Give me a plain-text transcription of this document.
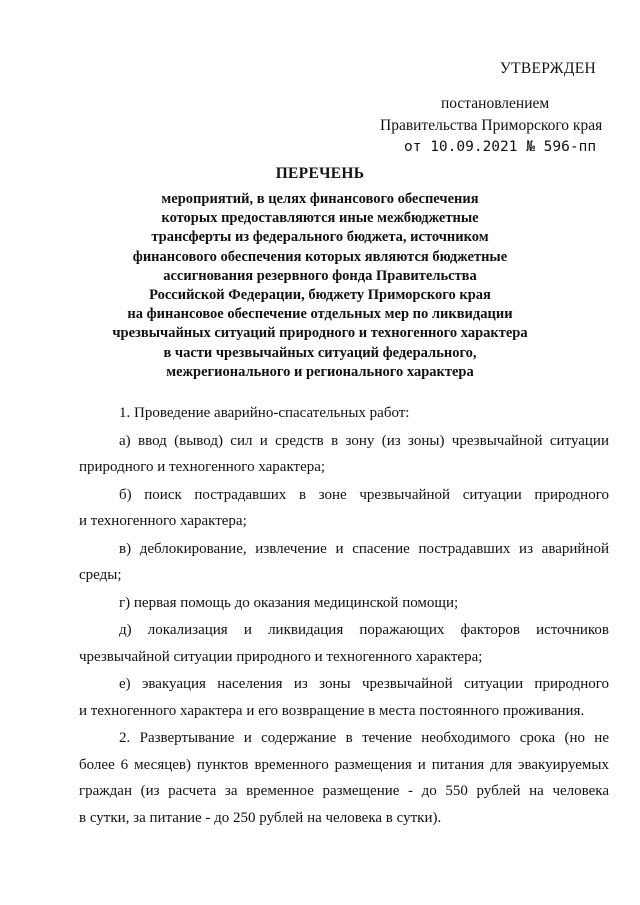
УТВЕРЖДЕН
постановлением
Правительства Приморского края
от 10.09.2021 № 596-пп
ПЕРЕЧЕНЬ
мероприятий, в целях финансового обеспечения
которых предоставляются иные межбюджетные
трансферты из федерального бюджета, источником
финансового обеспечения которых являются бюджетные
ассигнования резервного фонда Правительства
Российской Федерации, бюджету Приморского края
на финансовое обеспечение отдельных мер по ликвидации
чрезвычайных ситуаций природного и техногенного характера
в части чрезвычайных ситуаций федерального,
межрегионального и регионального характера
1. Проведение аварийно-спасательных работ:
а) ввод (вывод) сил и средств в зону (из зоны) чрезвычайной ситуации
природного и техногенного характера;
б) поиск пострадавших в зоне чрезвычайной ситуации природного
и техногенного характера;
в) деблокирование, извлечение и спасение пострадавших из аварийной
среды;
г) первая помощь до оказания медицинской помощи;
д) локализация и ликвидация поражающих факторов источников
чрезвычайной ситуации природного и техногенного характера;
е) эвакуация населения из зоны чрезвычайной ситуации природного
и техногенного характера и его возвращение в места постоянного проживания.
2. Развертывание и содержание в течение необходимого срока (но не
более 6 месяцев) пунктов временного размещения и питания для эвакуируемых
граждан (из расчета за временное размещение - до 550 рублей на человека
в сутки, за питание - до 250 рублей на человека в сутки).
